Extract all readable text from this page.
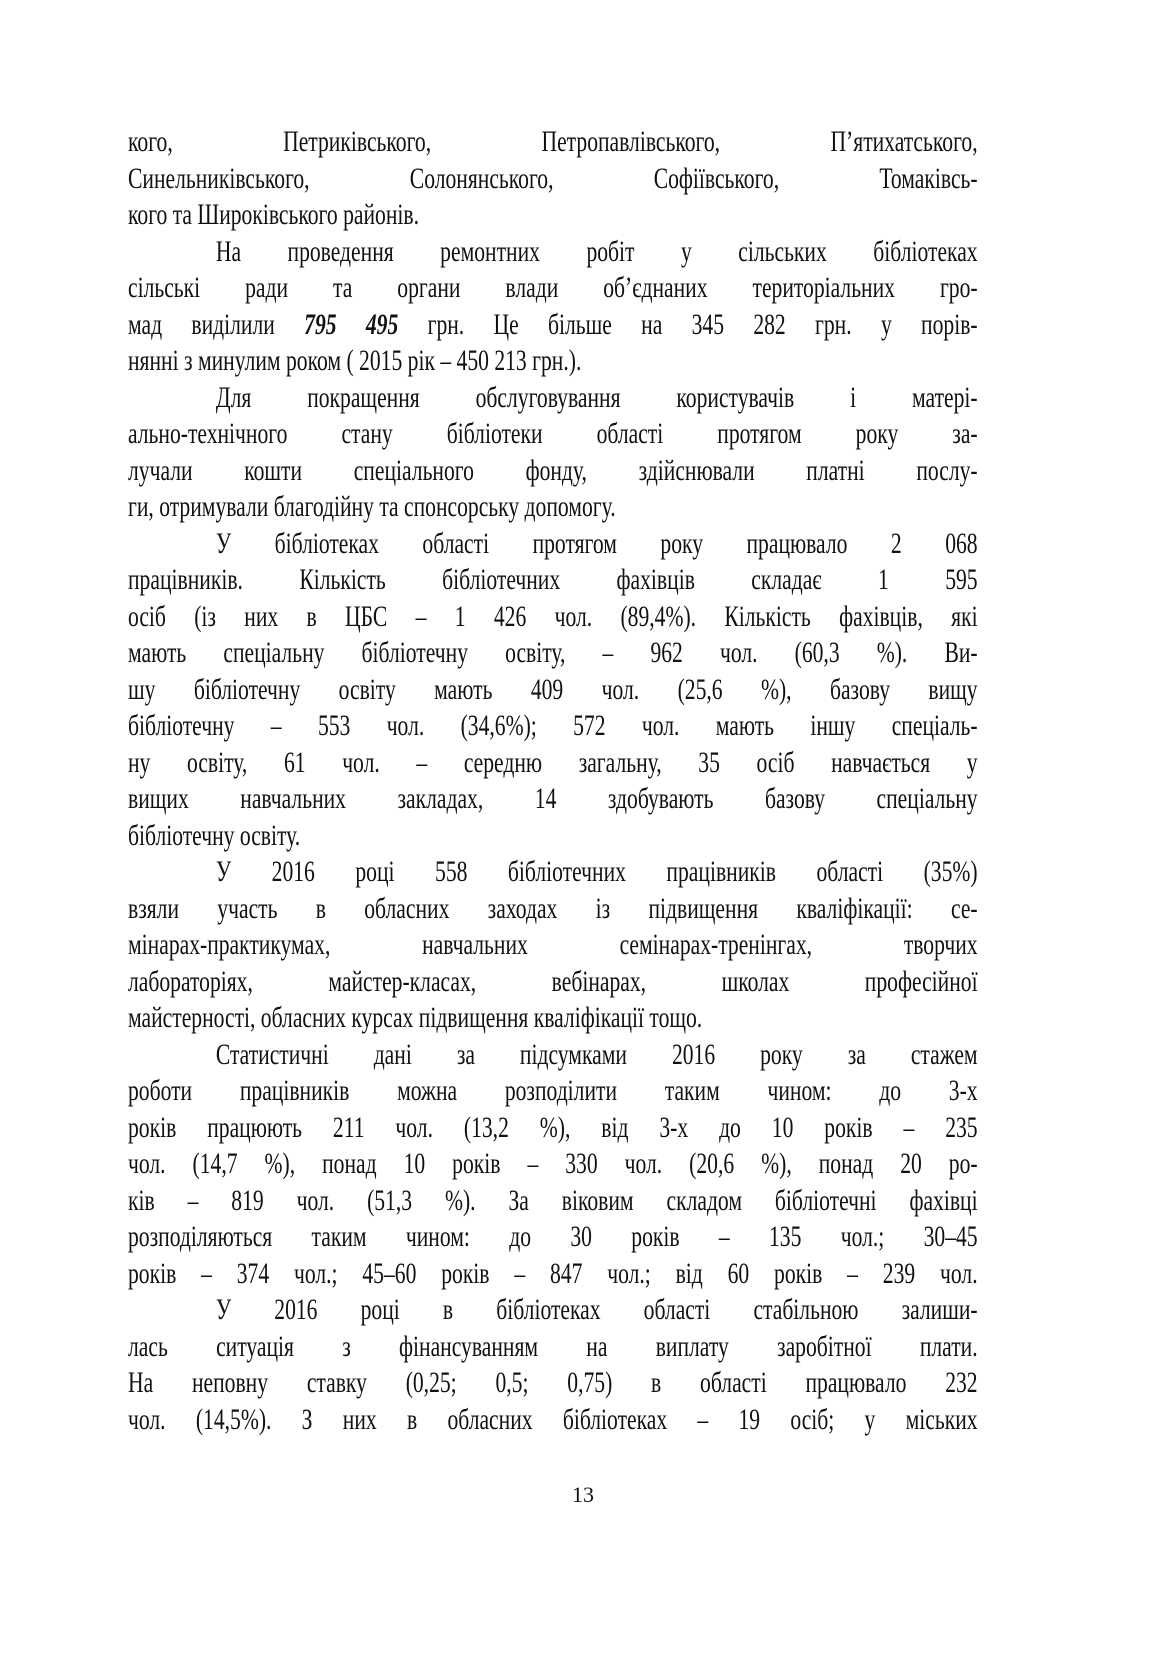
кого, Петриківського, Петропавлівського, П’ятихатського,
Синельниківського, Солонянського, Софіївського, Томаківсь-
кого та Широківського районів.
На проведення ремонтних робіт у сільських бібліотеках
сільські ради та органи влади об’єднаних територіальних гро-
мад виділили 795 495 грн. Це більше на 345 282 грн. у порів-
нянні з минулим роком ( 2015 рік – 450 213 грн.).
Для покращення обслуговування користувачів і матері-
ально-технічного стану бібліотеки області протягом року за-
лучали кошти спеціального фонду, здійснювали платні послу-
ги, отримували благодійну та спонсорську допомогу.
У бібліотеках області протягом року працювало 2 068
працівників. Кількість бібліотечних фахівців складає 1 595
осіб (із них в ЦБС – 1 426 чол. (89,4%). Кількість фахівців, які
мають спеціальну бібліотечну освіту, – 962 чол. (60,3 %). Ви-
шу бібліотечну освіту мають 409 чол. (25,6 %), базову вищу
бібліотечну – 553 чол. (34,6%); 572 чол. мають іншу спеціаль-
ну освіту, 61 чол. – середню загальну, 35 осіб навчається у
вищих навчальних закладах, 14 здобувають базову спеціальну
бібліотечну освіту.
У 2016 році 558 бібліотечних працівників області (35%)
взяли участь в обласних заходах із підвищення кваліфікації: се-
мінарах-практикумах, навчальних семінарах-тренінгах, творчих
лабораторіях, майстер-класах, вебінарах, школах професійної
майстерності, обласних курсах підвищення кваліфікації тощо.
Статистичні дані за підсумками 2016 року за стажем
роботи працівників можна розподілити таким чином: до 3-х
років працюють 211 чол. (13,2 %), від 3-х до 10 років – 235
чол. (14,7 %), понад 10 років – 330 чол. (20,6 %), понад 20 ро-
ків – 819 чол. (51,3 %). За віковим складом бібліотечні фахівці
розподіляються таким чином: до 30 років – 135 чол.; 30–45
років – 374 чол.; 45–60 років – 847 чол.; від 60 років – 239 чол.
У 2016 році в бібліотеках області стабільною залиши-
лась ситуація з фінансуванням на виплату заробітної плати.
На неповну ставку (0,25; 0,5; 0,75) в області працювало 232
чол. (14,5%). З них в обласних бібліотеках – 19 осіб; у міських
13
